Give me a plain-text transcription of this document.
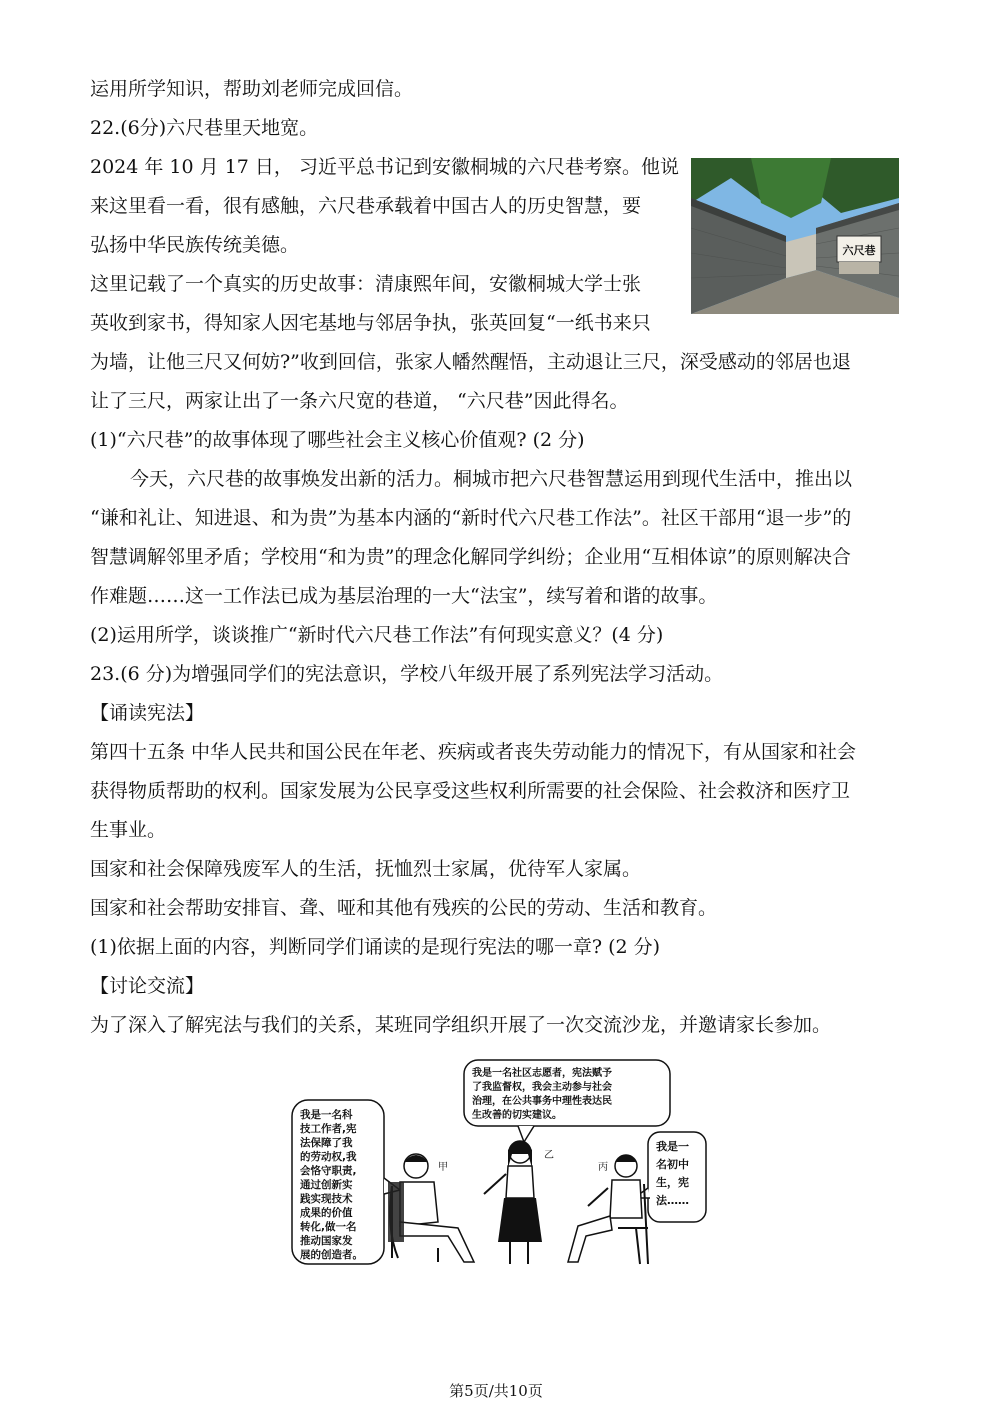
运用所学知识，帮助刘老师完成回信。
22.(6分)六尺巷里天地宽。
2024 年 10 月 17 日， 习近平总书记到安徽桐城的六尺巷考察。他说
来这里看一看，很有感触，六尺巷承载着中国古人的历史智慧，要
弘扬中华民族传统美德。
这里记载了一个真实的历史故事：清康熙年间，安徽桐城大学士张
英收到家书，得知家人因宅基地与邻居争执，张英回复“一纸书来只
为墙，让他三尺又何妨?”收到回信，张家人幡然醒悟，主动退让三尺，深受感动的邻居也退
让了三尺，两家让出了一条六尺宽的巷道， “六尺巷”因此得名。
(1)“六尺巷”的故事体现了哪些社会主义核心价值观? (2 分)
今天，六尺巷的故事焕发出新的活力。桐城市把六尺巷智慧运用到现代生活中，推出以
“谦和礼让、知进退、和为贵”为基本内涵的“新时代六尺巷工作法”。社区干部用“退一步”的
智慧调解邻里矛盾；学校用“和为贵”的理念化解同学纠纷；企业用“互相体谅”的原则解决合
作难题……这一工作法已成为基层治理的一大“法宝”，续写着和谐的故事。
(2)运用所学，谈谈推广“新时代六尺巷工作法”有何现实意义？(4 分)
23.(6 分)为增强同学们的宪法意识，学校八年级开展了系列宪法学习活动。
【诵读宪法】
第四十五条 中华人民共和国公民在年老、疾病或者丧失劳动能力的情况下，有从国家和社会
获得物质帮助的权利。国家发展为公民享受这些权利所需要的社会保险、社会救济和医疗卫
生事业。
国家和社会保障残废军人的生活，抚恤烈士家属，优待军人家属。
国家和社会帮助安排盲、聋、哑和其他有残疾的公民的劳动、生活和教育。
(1)依据上面的内容，判断同学们诵读的是现行宪法的哪一章? (2 分)
【讨论交流】
为了深入了解宪法与我们的关系，某班同学组织开展了一次交流沙龙，并邀请家长参加。
六尺巷
我是一名科技工作者,宪法保障了我的劳动权,我会恪守职责,通过创新实践实现技术成果的价值转化,做一名推动国家发展的创造者。
我是一名社区志愿者，宪法赋予了我监督权，我会主动参与社会治理，在公共事务中理性表达民生改善的切实建议。
我是一名初中生，宪法……
甲
乙
丙
第5页/共10页
